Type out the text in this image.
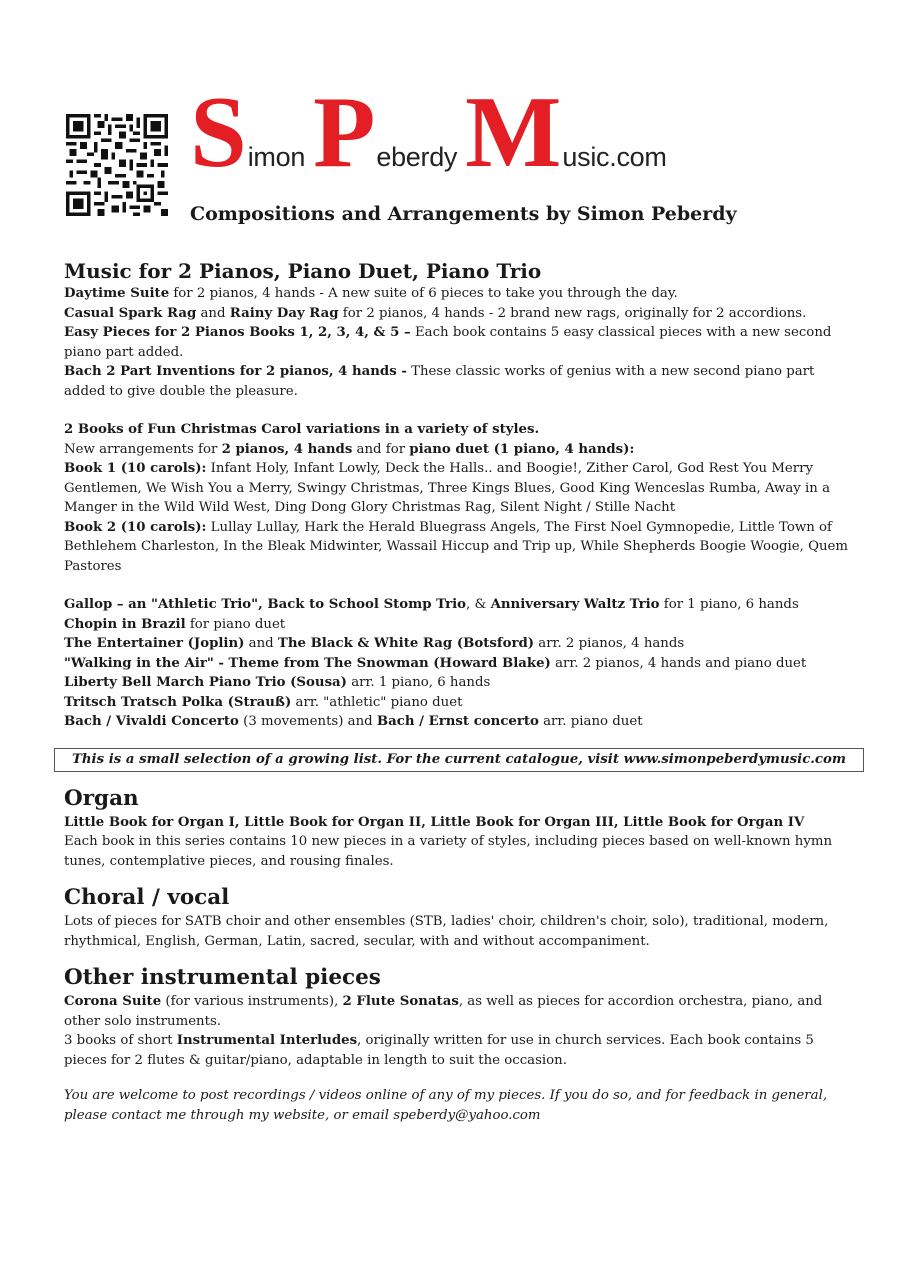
S imon P eberdy M usic.com
Compositions and Arrangements by Simon Peberdy
Music for 2 Pianos, Piano Duet, Piano Trio

Daytime Suite for 2 pianos, 4 hands - A new suite of 6 pieces to take you through the day.

Casual Spark Rag and Rainy Day Rag for 2 pianos, 4 hands - 2 brand new rags, originally for 2 accordions.

Easy Pieces for 2 Pianos Books 1, 2, 3, 4, & 5 – Each book contains 5 easy classical pieces with a new second piano part added.

Bach 2 Part Inventions for 2 pianos, 4 hands - These classic works of genius with a new second piano part added to give double the pleasure.

2 Books of Fun Christmas Carol variations in a variety of styles.

New arrangements for 2 pianos, 4 hands and for piano duet (1 piano, 4 hands):

Book 1 (10 carols): Infant Holy, Infant Lowly, Deck the Halls.. and Boogie!, Zither Carol, God Rest You Merry Gentlemen, We Wish You a Merry, Swingy Christmas, Three Kings Blues, Good King Wenceslas Rumba, Away in a Manger in the Wild Wild West, Ding Dong Glory Christmas Rag, Silent Night / Stille Nacht

Book 2 (10 carols): Lullay Lullay, Hark the Herald Bluegrass Angels, The First Noel Gymnopedie, Little Town of Bethlehem Charleston, In the Bleak Midwinter, Wassail Hiccup and Trip up, While Shepherds Boogie Woogie, Quem Pastores

Gallop – an "Athletic Trio", Back to School Stomp Trio, & Anniversary Waltz Trio for 1 piano, 6 hands

Chopin in Brazil for piano duet

The Entertainer (Joplin) and The Black & White Rag (Botsford) arr. 2 pianos, 4 hands

"Walking in the Air" - Theme from The Snowman (Howard Blake) arr. 2 pianos, 4 hands and piano duet

Liberty Bell March Piano Trio (Sousa) arr. 1 piano, 6 hands

Tritsch Tratsch Polka (Strauß) arr. "athletic" piano duet

Bach / Vivaldi Concerto (3 movements) and Bach / Ernst concerto arr. piano duet

This is a small selection of a growing list. For the current catalogue, visit www.simonpeberdymusic.com
Organ

Little Book for Organ I, Little Book for Organ II, Little Book for Organ III, Little Book for Organ IV

Each book in this series contains 10 new pieces in a variety of styles, including pieces based on well-known hymn tunes, contemplative pieces, and rousing finales.

Choral / vocal

Lots of pieces for SATB choir and other ensembles (STB, ladies' choir, children's choir, solo), traditional, modern, rhythmical, English, German, Latin, sacred, secular, with and without accompaniment.

Other instrumental pieces

Corona Suite (for various instruments), 2 Flute Sonatas, as well as pieces for accordion orchestra, piano, and other solo instruments.

3 books of short Instrumental Interludes, originally written for use in church services. Each book contains 5 pieces for 2 flutes & guitar/piano, adaptable in length to suit the occasion.

You are welcome to post recordings / videos online of any of my pieces. If you do so, and for feedback in general, please contact me through my website, or email speberdy@yahoo.com
